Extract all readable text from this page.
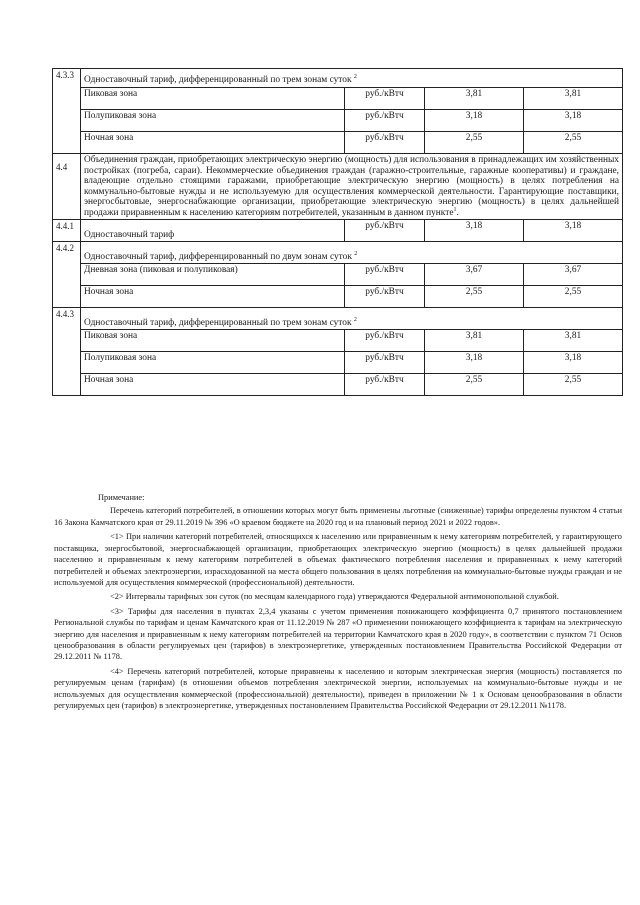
4.3.3	Одноставочный тариф, дифференцированный по трем зонам суток $^2$
	Пиковая зона	руб./кВтч	3,81	3,81
	Полупиковая зона	руб./кВтч	3,18	3,18
	Ночная зона	руб./кВтч	2,55	2,55
4.4	Объединения граждан, приобретающих электрическую энергию (мощность) для использования в принадлежащих им хозяйственных постройках (погреба, сараи). Некоммерческие объединения граждан (гаражно-строительные, гаражные кооперативы) и граждане, владеющие отдельно стоящими гаражами, приобретающие электрическую энергию (мощность) в целях потребления на коммунально-бытовые нужды и не используемую для осуществления коммерческой деятельности. Гарантирующие поставщики, энергосбытовые, энергоснабжающие организации, приобретающие электрическую энергию (мощность) в целях дальнейшей продажи приравненным к населению категориям потребителей, указанным в данном пункте$^1$.			
4.4.1	Одноставочный тариф	руб./кВтч	3,18	3,18
4.4.2	Одноставочный тариф, дифференцированный по двум зонам суток $^2$
	Дневная зона (пиковая и полупиковая)	руб./кВтч	3,67	3,67
	Ночная зона	руб./кВтч	2,55	2,55
4.4.3	Одноставочный тариф, дифференцированный по трем зонам суток $^2$
	Пиковая зона	руб./кВтч	3,81	3,81
	Полупиковая зона	руб./кВтч	3,18	3,18
	Ночная зона	руб./кВтч	2,55	2,55

Примечание:

Перечень категорий потребителей, в отношении которых могут быть применены льготные (сниженные) тарифы определены пунктом 4 статьи 16 Закона Камчатского края от 29.11.2019 № 396 «О краевом бюджете на 2020 год и на плановый период 2021 и 2022 годов».

<1> При наличии категорий потребителей, относящихся к населению или приравненным к нему категориям потребителей, у гарантирующего поставщика, энергосбытовой, энергоснабжающей организации, приобретающих электрическую энергию (мощность) в целях дальнейшей продажи населению и приравненным к нему категориям потребителей в объемах фактического потребления населения и приравненных к нему категорий потребителей и объемах электроэнергии, израсходованной на места общего пользования в целях потребления на коммунально-бытовые нужды граждан и не используемой для осуществления коммерческой (профессиональной) деятельности.

<2> Интервалы тарифных зон суток (по месяцам календарного года) утверждаются Федеральной антимонопольной службой.

<3> Тарифы для населения в пунктах 2,3,4 указаны с учетом применения понижающего коэффициента 0,7 принятого постановлением Региональной службы по тарифам и ценам Камчатского края от 11.12.2019 № 287 «О применении понижающего коэффициента к тарифам на электрическую энергию для населения и приравненным к нему категориям потребителей на территории Камчатского края в 2020 году», в соответствии с пунктом 71 Основ ценообразования в области регулируемых цен (тарифов) в электроэнергетике, утвержденных постановлением Правительства Российской Федерации от 29.12.2011 № 1178.

<4> Перечень категорий потребителей, которые приравнены к населению и которым электрическая энергия (мощность) поставляется по регулируемым ценам (тарифам) (в отношении объемов потребления электрической энергии, используемых на коммунально-бытовые нужды и не используемых для осуществления коммерческой (профессиональной) деятельности), приведен в приложении № 1 к Основам ценообразования в области регулируемых цен (тарифов) в электроэнергетике, утвержденных постановлением Правительства Российской Федерации от 29.12.2011 №1178.
